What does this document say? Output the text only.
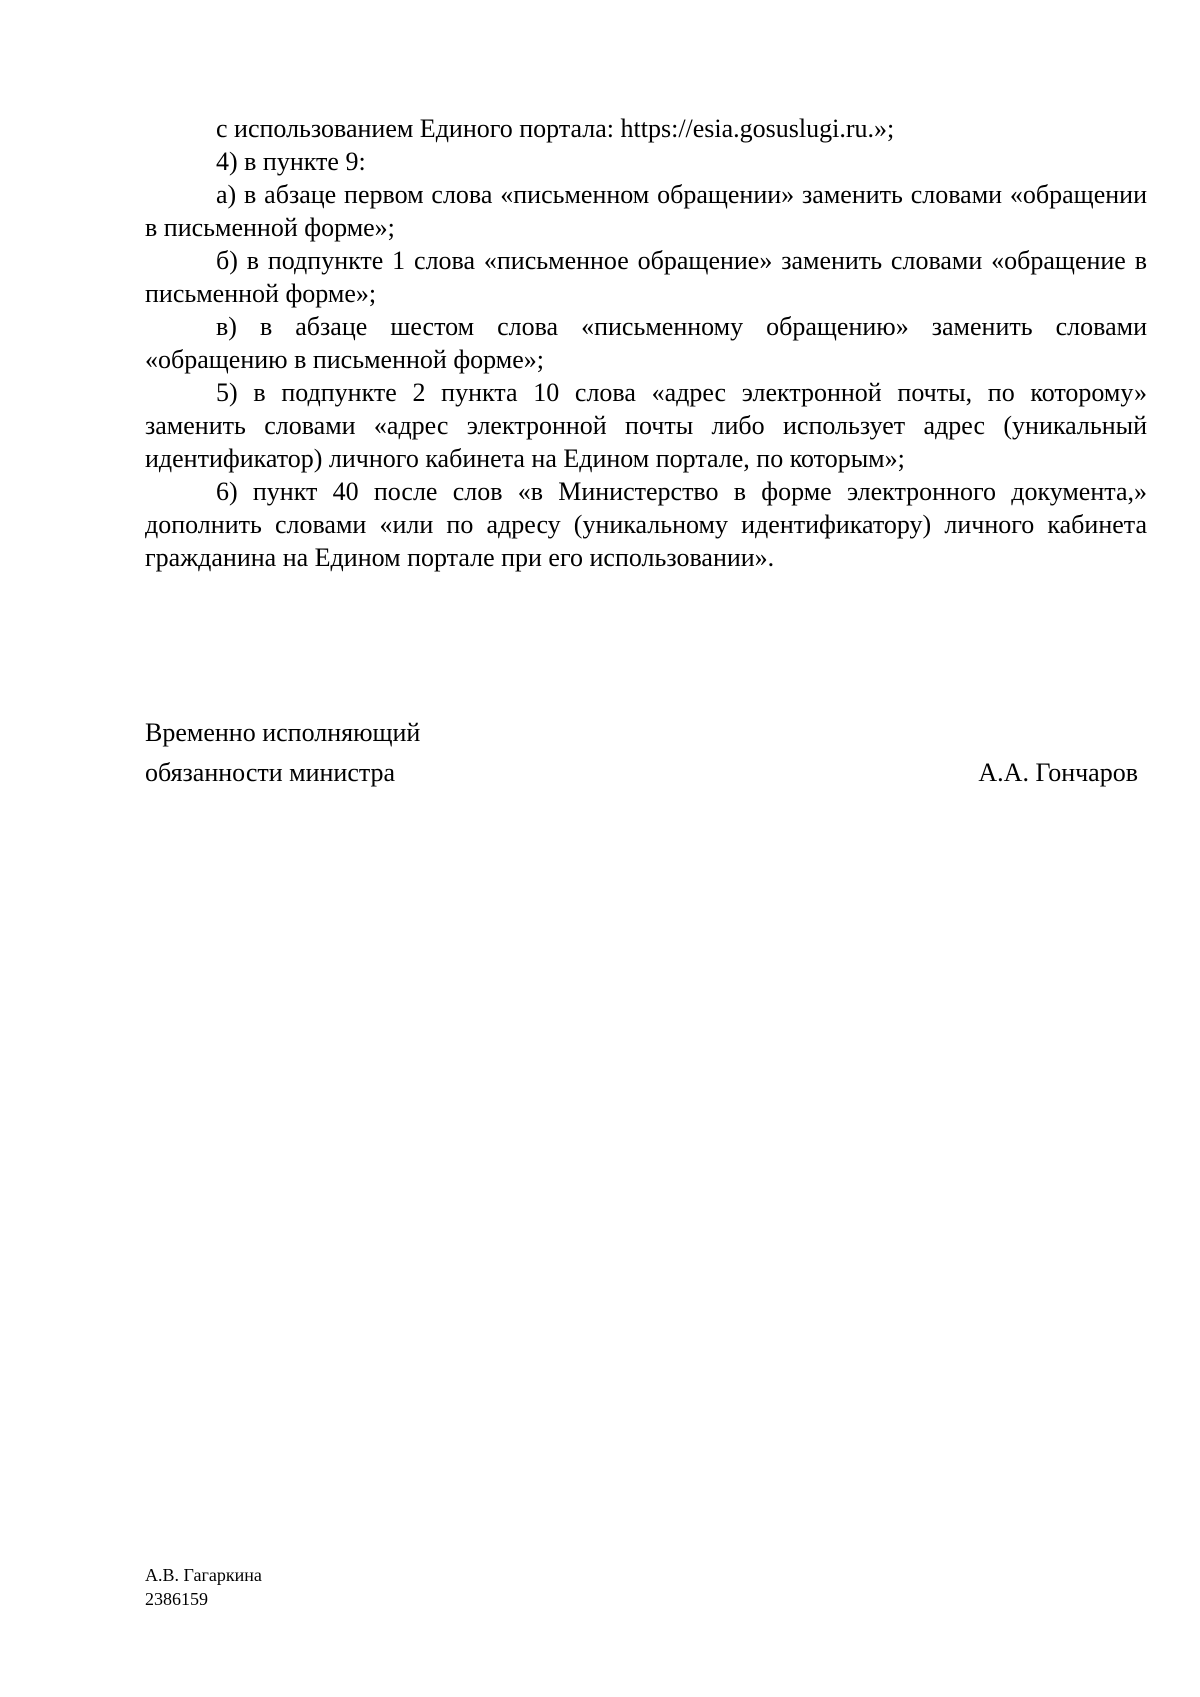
с использованием Единого портала: https://esia.gosuslugi.ru.»;

4) в пункте 9:

а) в абзаце первом слова «письменном обращении» заменить словами «обращении в письменной форме»;

б) в подпункте 1 слова «письменное обращение» заменить словами «обращение в письменной форме»;

в) в абзаце шестом слова «письменному обращению» заменить словами «обращению в письменной форме»;

5) в подпункте 2 пункта 10 слова «адрес электронной почты, по которому» заменить словами «адрес электронной почты либо использует адрес (уникальный идентификатор) личного кабинета на Едином портале, по которым»;

6) пункт 40 после слов «в Министерство в форме электронного документа,» дополнить словами «или по адресу (уникальному идентификатору) личного кабинета гражданина на Едином портале при его использовании».

Временно исполняющий
обязанности министра	А.А. Гончаров
А.В. Гагаркина
2386159
